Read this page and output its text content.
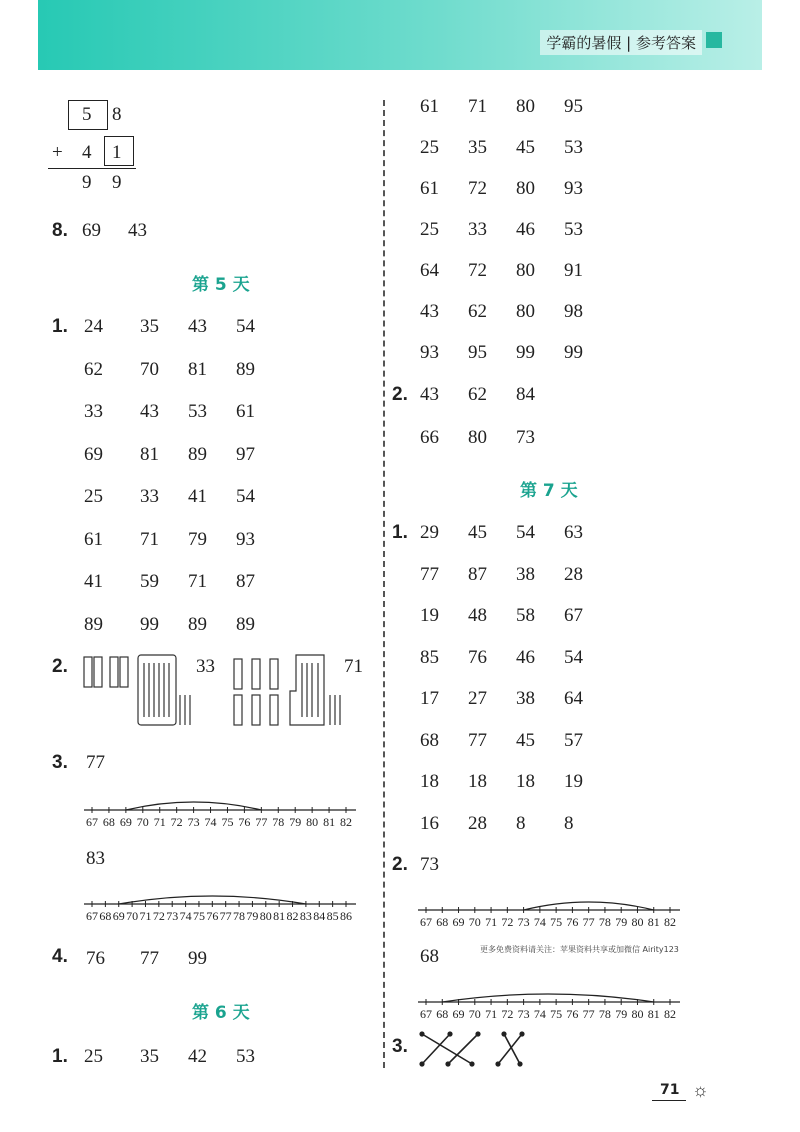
学霸的暑假 | 参考答案
5 8
+ 4 1
9 9
8. 69 43
第 5 天
1. 24 35 43 54
62 70 81 89
33 43 53 61
69 81 89 97
25 33 41 54
61 71 79 93
41 59 71 87
89 99 89 89
2.	33	71
3. 77
67 68 69 70 71 72 73 74 75 76 77 78 79 80 81 82
83
67 68 69 70 71 72 73 74 75 76 77 78 79 80 81 82 83 84 85 86
4. 76 77 99
第 6 天
1. 25 35 42 53
61 71 80 95
25 35 45 53
61 72 80 93
25 33 46 53
64 72 80 91
43 62 80 98
93 95 99 99
2. 43 62 84
66 80 73
第 7 天
1. 29 45 54 63
77 87 38 28
19 48 58 67
85 76 46 54
17 27 38 64
68 77 45 57
18 18 18 19
16 28 8 8
2. 73
67 68 69 70 71 72 73 74 75 76 77 78 79 80 81 82
更多免费资料请关注：苹果资料共享或加微信 Airity123
68
67 68 69 70 71 72 73 74 75 76 77 78 79 80 81 82
3.
71 ☼
